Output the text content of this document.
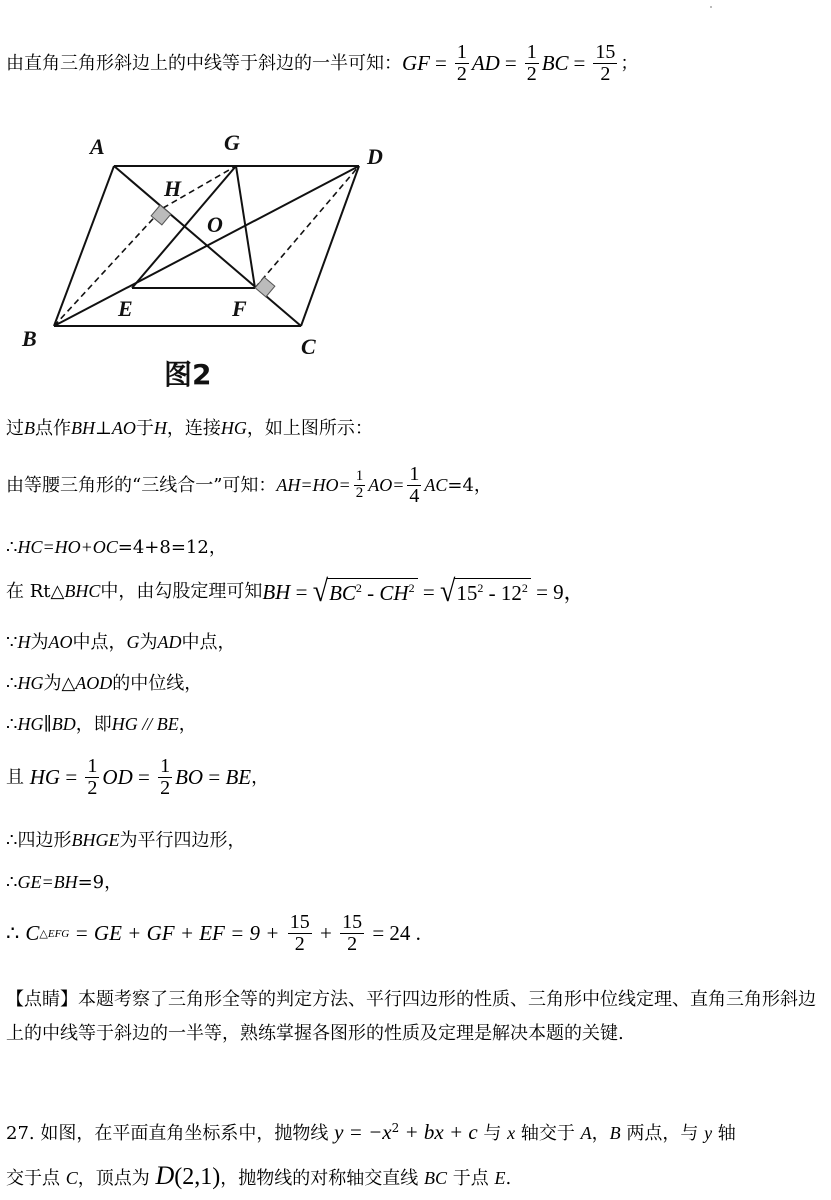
由直角三角形斜边上的中线等于斜边的一半可知： GF = $\frac{1}{2}$ AD = $\frac{1}{2}$ BC = $\frac{15}{2}$ ；
A	G
D
H
O
E	F
B	C
图2
过 B 点作 BH⊥AO 于 H ，连接 HG ，如上图所示：
由等腰三角形的“三线合一”可知： $AH=HO= \frac{1}{2} AO= \frac{1}{4}$ AC =4，
∴ HC=HO+OC =4+8=12，
在 Rt △ BHC 中，由勾股定理可知 BH = √ $BC^2 - CH^2$ = √ $15^2 - 12^2 = 9$，
∵ H 为 AO 中点， G 为 AD 中点，
∴ HG 为 △ AOD 的中位线，
∴ HG∥BD ，即 HG // BE ，
且 HG = $\frac{1}{2}$ OD = $\frac{1}{2}$ BO = BE ，
∴ 四边形 BHGE 为平行四边形，
∴ GE=BH =9，
∴ C △EFG = GE + GF + EF = $9 + \frac{15}{2} + \frac{15}{2} = 24$ .
【点睛】本题考察了三角形全等的判定方法、平行四边形的性质、三角形中位线定理、直角三角形斜边上的中线等于斜边的一半等，熟练掌握各图形的性质及定理是解决本题的关键.
27. 如图，在平面直角坐标系中，抛物线 $y = -x^2$ + bx + c 与 x 轴交于 A，B 两点，与 y 轴
交于点 C，顶点为 D(2,1)，抛物线的对称轴交直线 BC 于点 E.
